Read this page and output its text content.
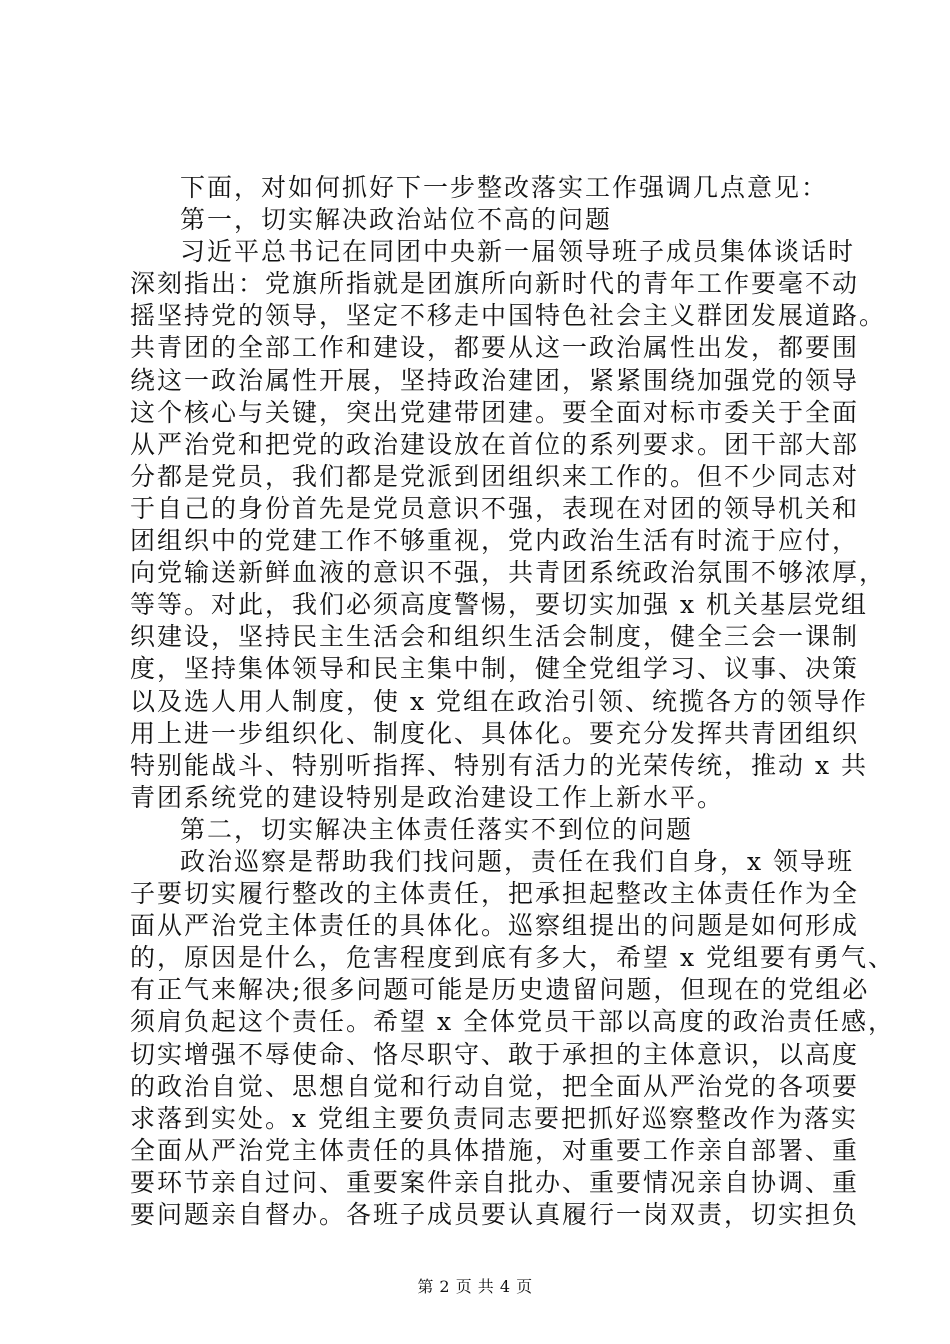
下面，对如何抓好下一步整改落实工作强调几点意见：
第一，切实解决政治站位不高的问题
习近平总书记在同团中央新一届领导班子成员集体谈话时
深刻指出：党旗所指就是团旗所向新时代的青年工作要毫不动
摇坚持党的领导，坚定不移走中国特色社会主义群团发展道路。
共青团的全部工作和建设，都要从这一政治属性出发，都要围
绕这一政治属性开展，坚持政治建团，紧紧围绕加强党的领导
这个核心与关键，突出党建带团建。要全面对标市委关于全面
从严治党和把党的政治建设放在首位的系列要求。团干部大部
分都是党员，我们都是党派到团组织来工作的。但不少同志对
于自己的身份首先是党员意识不强，表现在对团的领导机关和
团组织中的党建工作不够重视，党内政治生活有时流于应付，
向党输送新鲜血液的意识不强，共青团系统政治氛围不够浓厚，
等等。对此，我们必须高度警惕，要切实加强 x 机关基层党组
织建设，坚持民主生活会和组织生活会制度，健全三会一课制
度，坚持集体领导和民主集中制，健全党组学习、议事、决策
以及选人用人制度，使 x 党组在政治引领、统揽各方的领导作
用上进一步组织化、制度化、具体化。要充分发挥共青团组织
特别能战斗、特别听指挥、特别有活力的光荣传统，推动 x 共
青团系统党的建设特别是政治建设工作上新水平。
第二，切实解决主体责任落实不到位的问题
政治巡察是帮助我们找问题，责任在我们自身，x 领导班
子要切实履行整改的主体责任，把承担起整改主体责任作为全
面从严治党主体责任的具体化。巡察组提出的问题是如何形成
的，原因是什么，危害程度到底有多大，希望 x 党组要有勇气、
有正气来解决;很多问题可能是历史遗留问题，但现在的党组必
须肩负起这个责任。希望 x 全体党员干部以高度的政治责任感，
切实增强不辱使命、恪尽职守、敢于承担的主体意识，以高度
的政治自觉、思想自觉和行动自觉，把全面从严治党的各项要
求落到实处。x 党组主要负责同志要把抓好巡察整改作为落实
全面从严治党主体责任的具体措施，对重要工作亲自部署、重
要环节亲自过问、重要案件亲自批办、重要情况亲自协调、重
要问题亲自督办。各班子成员要认真履行一岗双责，切实担负
第 2 页 共 4 页
